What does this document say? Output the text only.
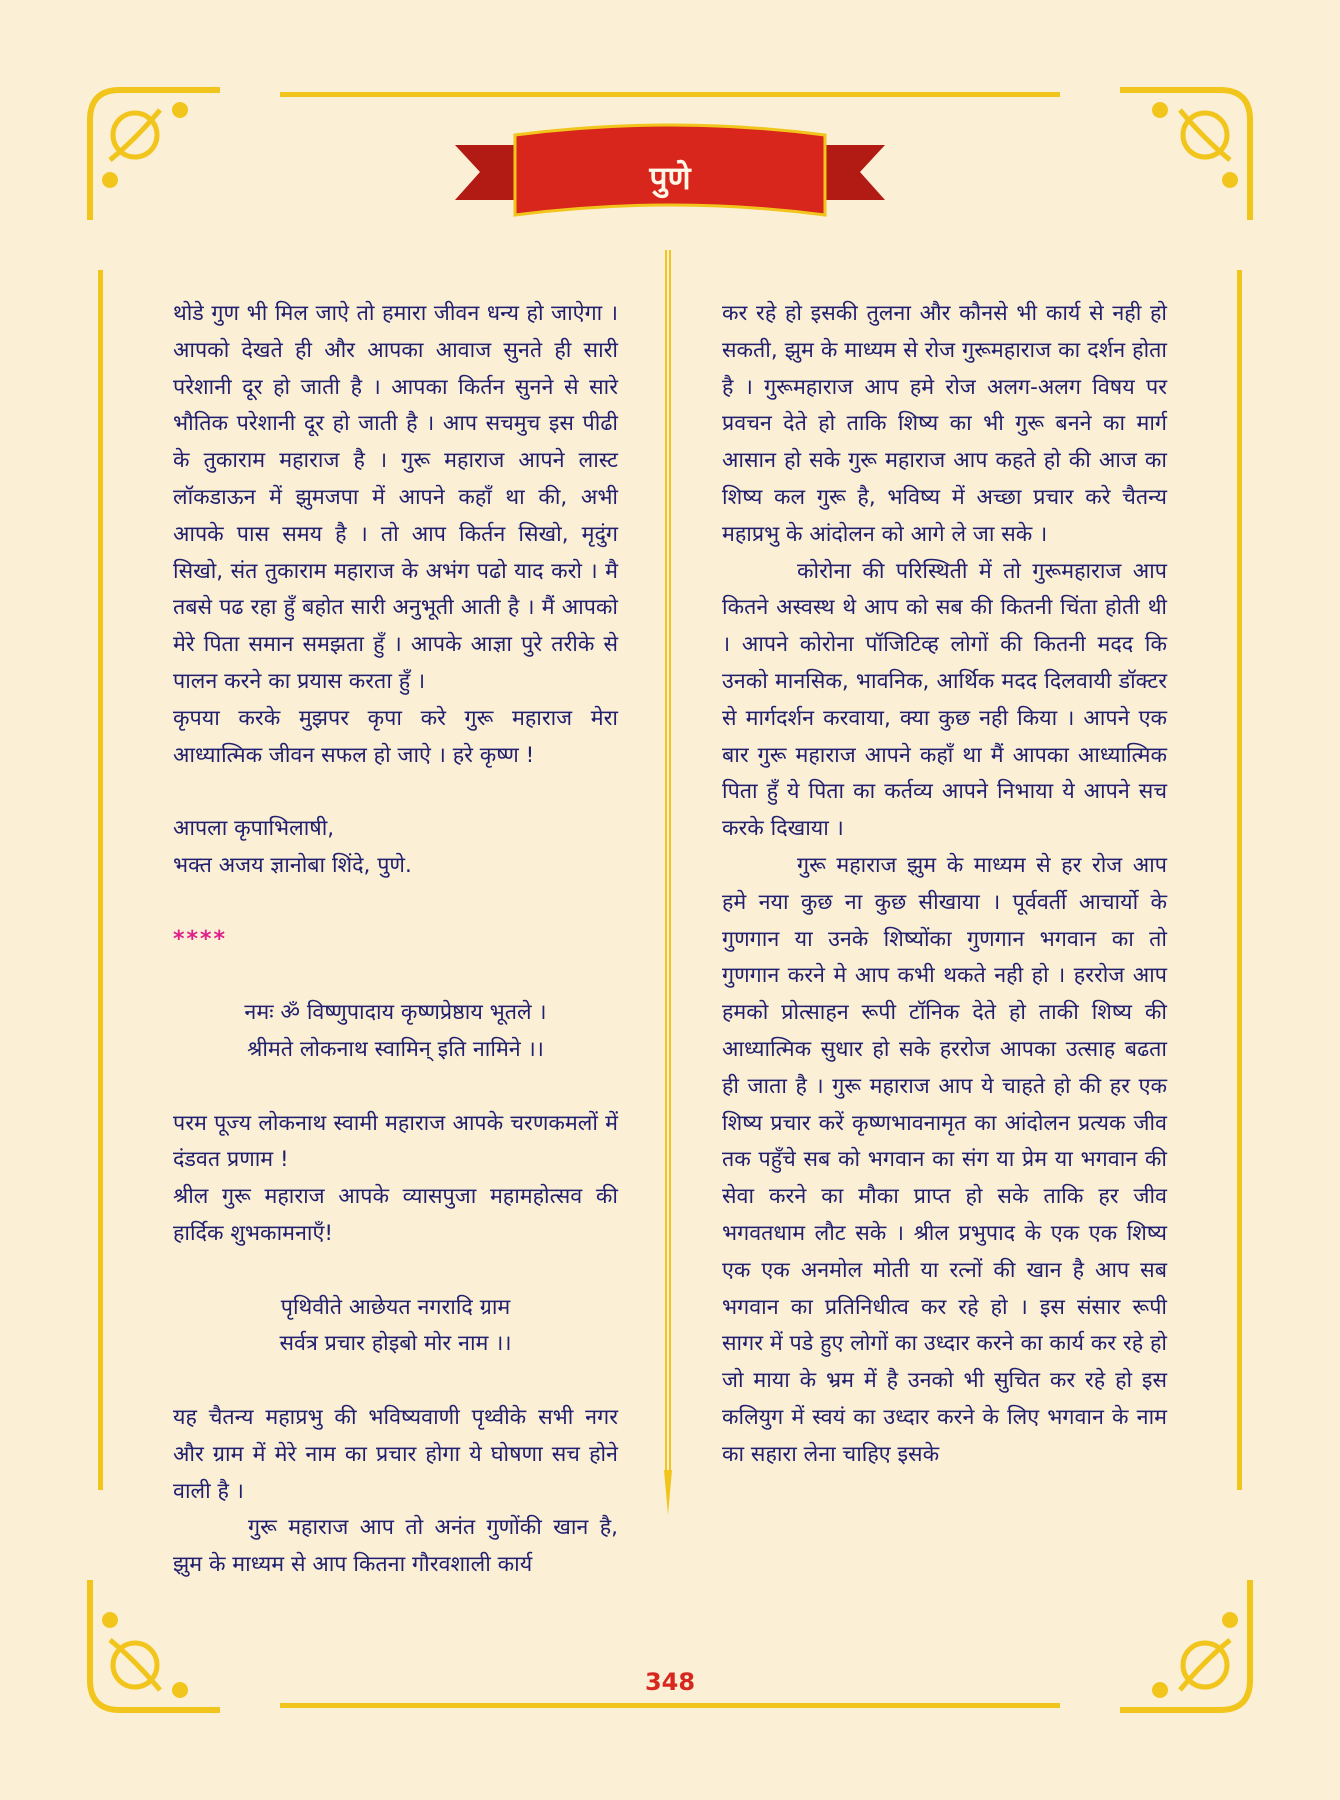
पुणे

थोडे गुण भी मिल जाऐ तो हमारा जीवन धन्य हो जाऐगा । आपको देखते ही और आपका आवाज सुनते ही सारी परेशानी दूर हो जाती है । आपका किर्तन सुनने से सारे भौतिक परेशानी दूर हो जाती है । आप सचमुच इस पीढी के तुकाराम महाराज है । गुरू महाराज आपने लास्ट लॉकडाऊन में झुमजपा में आपने कहाँ था की, अभी आपके पास समय है । तो आप किर्तन सिखो, मृदुंग सिखो, संत तुकाराम महाराज के अभंग पढो याद करो । मै तबसे पढ रहा हुँ बहोत सारी अनुभूती आती है । मैं आपको मेरे पिता समान समझता हुँ । आपके आज्ञा पुरे तरीके से पालन करने का प्रयास करता हुँ ।

कृपया करके मुझपर कृपा करे गुरू महाराज मेरा आध्यात्मिक जीवन सफल हो जाऐ । हरे कृष्ण !

आपला कृपाभिलाषी,

भक्त अजय ज्ञानोबा शिंदे, पुणे.

****

नमः ॐ विष्णुपादाय कृष्णप्रेष्ठाय भूतले ।

श्रीमते लोकनाथ स्वामिन् इति नामिने ।।

परम पूज्य लोकनाथ स्वामी महाराज आपके चरणकमलों में दंडवत प्रणाम !

श्रील गुरू महाराज आपके व्यासपुजा महामहोत्सव की हार्दिक शुभकामनाएँ!

पृथिवीते आछेयत नगरादि ग्राम

सर्वत्र प्रचार होइबो मोर नाम ।।

यह चैतन्य महाप्रभु की भविष्यवाणी पृथ्वीके सभी नगर और ग्राम में मेरे नाम का प्रचार होगा ये घोषणा सच होने वाली है ।

गुरू महाराज आप तो अनंत गुणोंकी खान है, झुम के माध्यम से आप कितना गौरवशाली कार्य

कर रहे हो इसकी तुलना और कौनसे भी कार्य से नही हो सकती, झुम के माध्यम से रोज गुरूमहाराज का दर्शन होता है । गुरूमहाराज आप हमे रोज अलग-अलग विषय पर प्रवचन देते हो ताकि शिष्य का भी गुरू बनने का मार्ग आसान हो सके गुरू महाराज आप कहते हो की आज का शिष्य कल गुरू है, भविष्य में अच्छा प्रचार करे चैतन्य महाप्रभु के आंदोलन को आगे ले जा सके ।

कोरोना की परिस्थिती में तो गुरूमहाराज आप कितने अस्वस्थ थे आप को सब की कितनी चिंता होती थी । आपने कोरोना पॉजिटिव्ह लोगों की कितनी मदद कि उनको मानसिक, भावनिक, आर्थिक मदद दिलवायी डॉक्टर से मार्गदर्शन करवाया, क्या कुछ नही किया । आपने एक बार गुरू महाराज आपने कहाँ था मैं आपका आध्यात्मिक पिता हुँ ये पिता का कर्तव्य आपने निभाया ये आपने सच करके दिखाया ।

गुरू महाराज झुम के माध्यम से हर रोज आप हमे नया कुछ ना कुछ सीखाया । पूर्ववर्ती आचार्यो के गुणगान या उनके शिष्योंका गुणगान भगवान का तो गुणगान करने मे आप कभी थकते नही हो । हररोज आप हमको प्रोत्साहन रूपी टॉनिक देते हो ताकी शिष्य की आध्यात्मिक सुधार हो सके हररोज आपका उत्साह बढता ही जाता है । गुरू महाराज आप ये चाहते हो की हर एक शिष्य प्रचार करें कृष्णभावनामृत का आंदोलन प्रत्यक जीव तक पहुँचे सब को भगवान का संग या प्रेम या भगवान की सेवा करने का मौका प्राप्त हो सके ताकि हर जीव भगवतधाम लौट सके । श्रील प्रभुपाद के एक एक शिष्य एक एक अनमोल मोती या रत्नों की खान है आप सब भगवान का प्रतिनिधीत्व कर रहे हो । इस संसार रूपी सागर में पडे हुए लोगों का उध्दार करने का कार्य कर रहे हो जो माया के भ्रम में है उनको भी सुचित कर रहे हो इस कलियुग में स्वयं का उध्दार करने के लिए भगवान के नाम का सहारा लेना चाहिए इसके

348
